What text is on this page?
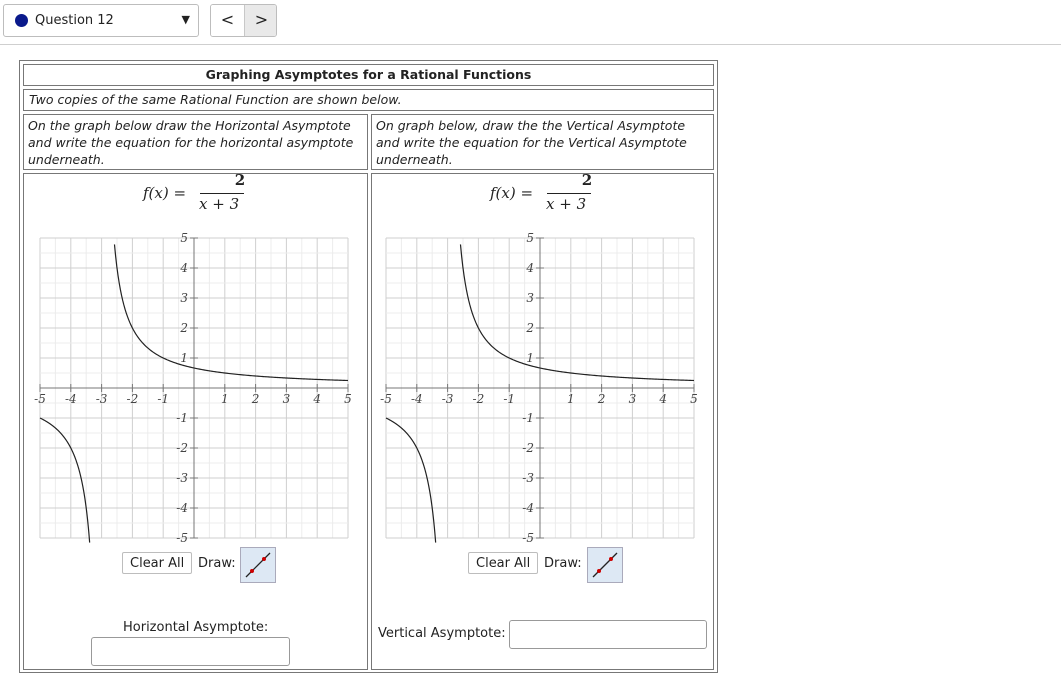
Question 12	▼	<	>
Graphing Asymptotes for a Rational Functions
Two copies of the same Rational Function are shown below.
On the graph below draw the Horizontal Asymptote and write the equation for the horizontal asymptote underneath.
On graph below, draw the the Vertical Asymptote and write the equation for the Vertical Asymptote underneath.
f(x) =
2
x + 3
-5 -4 -3 -2 -1	1 2 3 4 5
5
4
3
2
1
-1
-2
-3
-4
-5
Clear All	Draw:
Horizontal Asymptote:
f(x) =
2
x + 3
-5 -4 -3 -2 -1	1 2 3 4 5
5
4
3
2
1
-1
-2
-3
-4
-5
Clear All	Draw:
Vertical Asymptote:
